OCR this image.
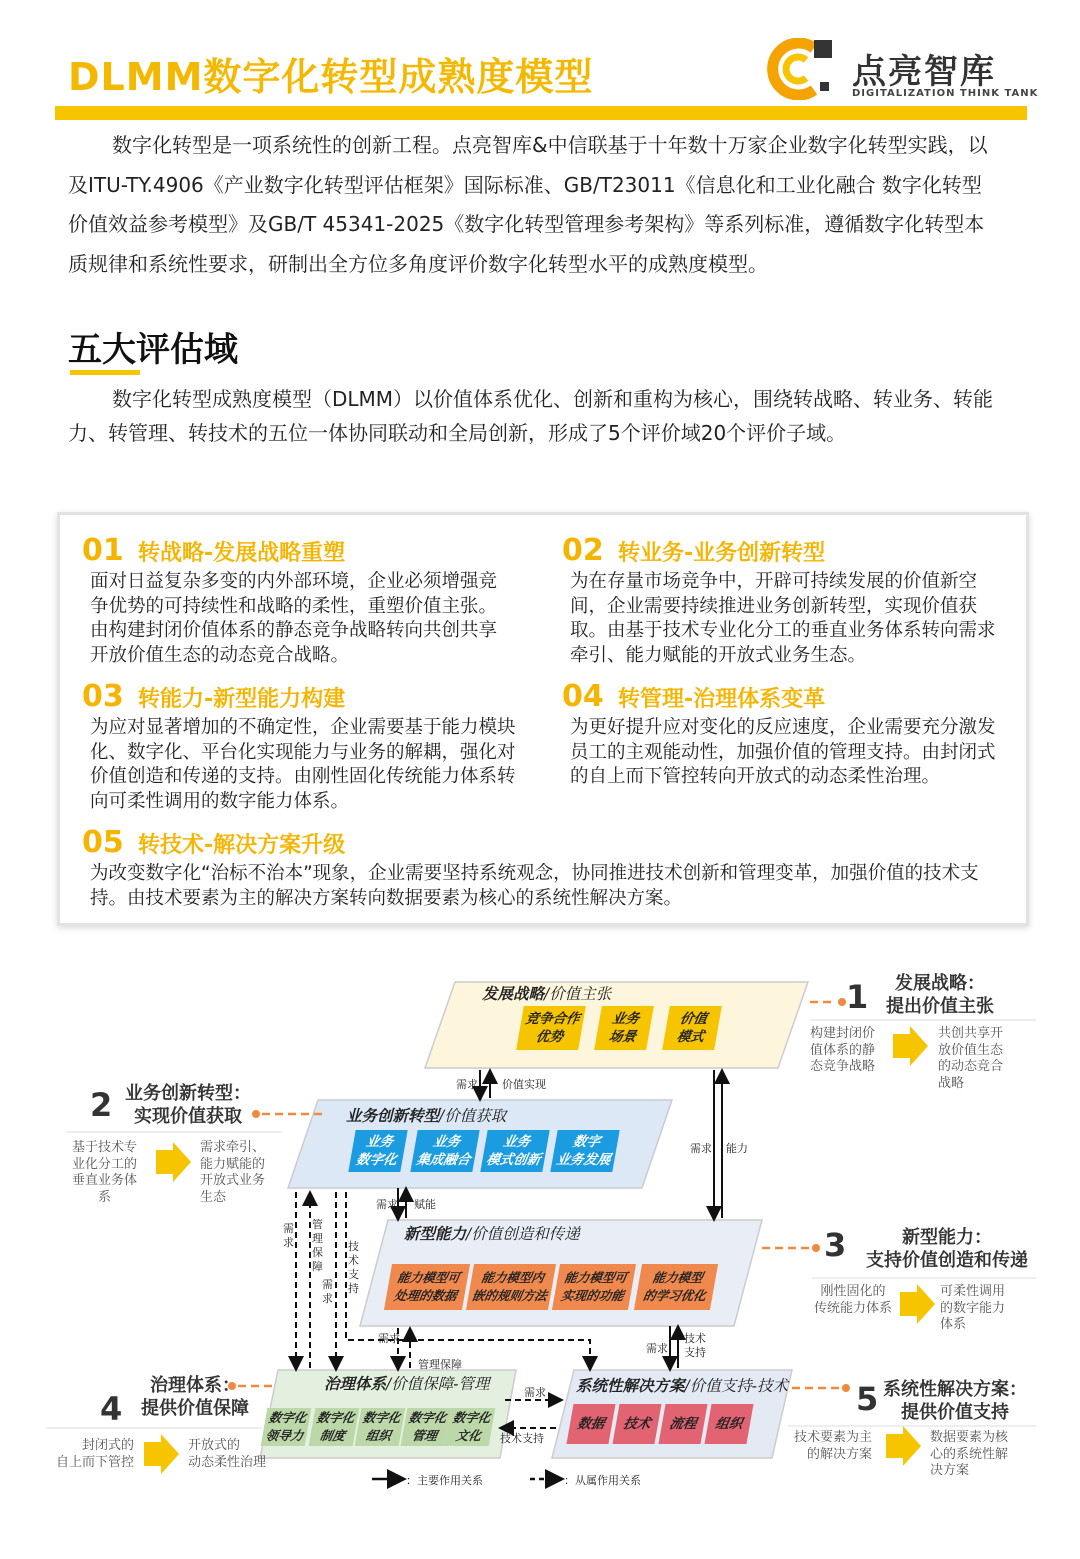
DLMM数字化转型成熟度模型	点亮智库
DIGITALIZATION THINK TANK
数字化转型是一项系统性的创新工程。点亮智库&中信联基于十年数十万家企业数字化转型实践，以及ITU-TY.4906《产业数字化转型评估框架》国际标准、GB/T23011《信息化和工业化融合 数字化转型 价值效益参考模型》及GB/T 45341-2025《数字化转型管理参考架构》等系列标准，遵循数字化转型本质规律和系统性要求，研制出全方位多角度评价数字化转型水平的成熟度模型。
五大评估域
数字化转型成熟度模型（DLMM）以价值体系优化、创新和重构为核心，围绕转战略、转业务、转能力、转管理、转技术的五位一体协同联动和全局创新，形成了5个评价域20个评价子域。
01 转战略-发展战略重塑
面对日益复杂多变的内外部环境，企业必须增强竞争优势的可持续性和战略的柔性，重塑价值主张。由构建封闭价值体系的静态竞争战略转向共创共享开放价值生态的动态竞合战略。
02 转业务-业务创新转型
为在存量市场竞争中，开辟可持续发展的价值新空间，企业需要持续推进业务创新转型，实现价值获取。由基于技术专业化分工的垂直业务体系转向需求牵引、能力赋能的开放式业务生态。
03 转能力-新型能力构建
为应对显著增加的不确定性，企业需要基于能力模块化、数字化、平台化实现能力与业务的解耦，强化对价值创造和传递的支持。由刚性固化传统能力体系转向可柔性调用的数字能力体系。
04 转管理-治理体系变革
为更好提升应对变化的反应速度，企业需要充分激发员工的主观能动性，加强价值的管理支持。由封闭式的自上而下管控转向开放式的动态柔性治理。
05 转技术-解决方案升级
为改变数字化“治标不治本”现象，企业需要坚持系统观念，协同推进技术创新和管理变革，加强价值的技术支持。由技术要素为主的解决方案转向数据要素为核心的系统性解决方案。
发展战略/价值主张
竞争合作
优势
业务
场景
价值
模式
业务创新转型/价值获取
业务
数字化
业务
集成融合
业务
模式创新
数字
业务发展
新型能力/价值创造和传递
能力模型可
处理的数据
能力模型内
嵌的规则方法
能力模型可
实现的功能
能力模型
的学习优化
治理体系/价值保障-管理
数字化
领导力
数字化
制度
数字化
组织
数字化
管理
数字化
文化
系统性解决方案/价值支持-技术
数据	技术	流程	组织
需求 价值实现
需求 能力
需求 赋能
需求
管理保障
需求
技术支持
需求
管理保障
需求
技术
支持
需求
技术支持
1	发展战略：
提出价值主张
构建封闭价
值体系的静
态竞争战略
共创共享开
放价值生态
的动态竞合
战略
2 业务创新转型：
实现价值获取
基于技术专
业化分工的
垂直业务体
系
需求牵引、
能力赋能的
开放式业务
生态
3	新型能力：
支持价值创造和传递
刚性固化的
传统能力体系
可柔性调用
的数字能力
体系
4
治理体系：
提供价值保障
封闭式的
自上而下管控
开放式的
动态柔性治理
5 系统性解决方案：
提供价值支持
技术要素为主
的解决方案
数据要素为核
心的系统性解
决方案
：主要作用关系	：从属作用关系
